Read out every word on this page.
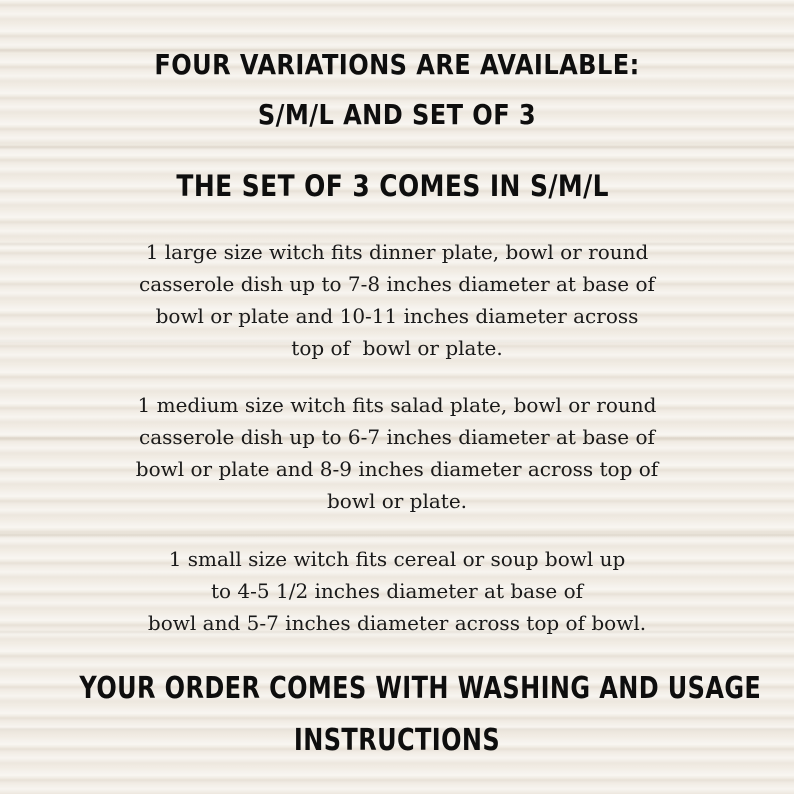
FOUR VARIATIONS ARE AVAILABLE:
S/M/L AND SET OF 3
THE SET OF 3 COMES IN S/M/L
1 large size witch fits dinner plate, bowl or round
casserole dish up to 7-8 inches diameter at base of
bowl or plate and 10-11 inches diameter across
top of  bowl or plate.
1 medium size witch fits salad plate, bowl or round
casserole dish up to 6-7 inches diameter at base of
bowl or plate and 8-9 inches diameter across top of
bowl or plate.
1 small size witch fits cereal or soup bowl up
to 4-5 1/2 inches diameter at base of
bowl and 5-7 inches diameter across top of bowl.
YOUR ORDER COMES WITH WASHING AND USAGE
INSTRUCTIONS
